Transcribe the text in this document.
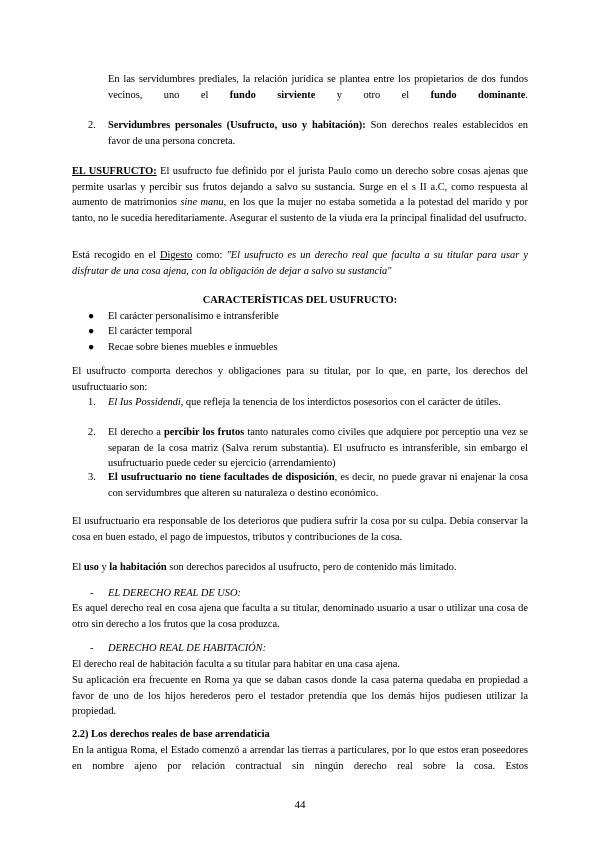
En las servidumbres prediales, la relación jurídica se plantea entre los propietarios de dos fundos vecinos, uno el fundo sirviente y otro el fundo dominante.
2. Servidumbres personales (Usufructo, uso y habitación): Son derechos reales establecidos en favor de una persona concreta.
EL USUFRUCTO: El usufructo fue definido por el jurista Paulo como un derecho sobre cosas ajenas que permite usarlas y percibir sus frutos dejando a salvo su sustancia. Surge en el s II a.C, como respuesta al aumento de matrimonios sine manu, en los que la mujer no estaba sometida a la potestad del marido y por tanto, no le sucedía hereditariamente. Asegurar el sustento de la viuda era la principal finalidad del usufructo.
Está recogido en el Digesto como: "El usufructo es un derecho real que faculta a su titular para usar y disfrutar de una cosa ajena, con la obligación de dejar a salvo su sustancia"
CARACTERÍSTICAS DEL USUFRUCTO:
● El carácter personalísimo e intransferible
● El carácter temporal
● Recae sobre bienes muebles e inmuebles
El usufructo comporta derechos y obligaciones para su titular, por lo que, en parte, los derechos del usufructuario son:
1. El Ius Possidendi, que refleja la tenencia de los interdictos posesorios con el carácter de útiles.
2. El derecho a percibir los frutos tanto naturales como civiles que adquiere por perceptio una vez se separan de la cosa matriz (Salva rerum substantia). El usufructo es intransferible, sin embargo el usufructuario puede ceder su ejercicio (arrendamiento)
3. El usufructuario no tiene facultades de disposición, es decir, no puede gravar ni enajenar la cosa con servidumbres que alteren su naturaleza o destino económico.
El usufructuario era responsable de los deterioros que pudiera sufrir la cosa por su culpa. Debía conservar la cosa en buen estado, el pago de impuestos, tributos y contribuciones de la cosa.
El uso y la habitación son derechos parecidos al usufructo, pero de contenido más limitado.
- EL DERECHO REAL DE USO:
Es aquel derecho real en cosa ajena que faculta a su titular, denominado usuario a usar o utilizar una cosa de otro sin derecho a los frutos que la cosa produzca.
- DERECHO REAL DE HABITACIÓN:
El derecho real de habitación faculta a su titular para habitar en una casa ajena.
Su aplicación era frecuente en Roma ya que se daban casos donde la casa paterna quedaba en propiedad a favor de uno de los hijos herederos pero el testador pretendía que los demás hijos pudiesen utilizar la propiedad.
2.2) Los derechos reales de base arrendaticia
En la antigua Roma, el Estado comenzó a arrendar las tierras a particulares, por lo que estos eran poseedores en nombre ajeno por relación contractual sin ningún derecho real sobre la cosa. Estos
44
